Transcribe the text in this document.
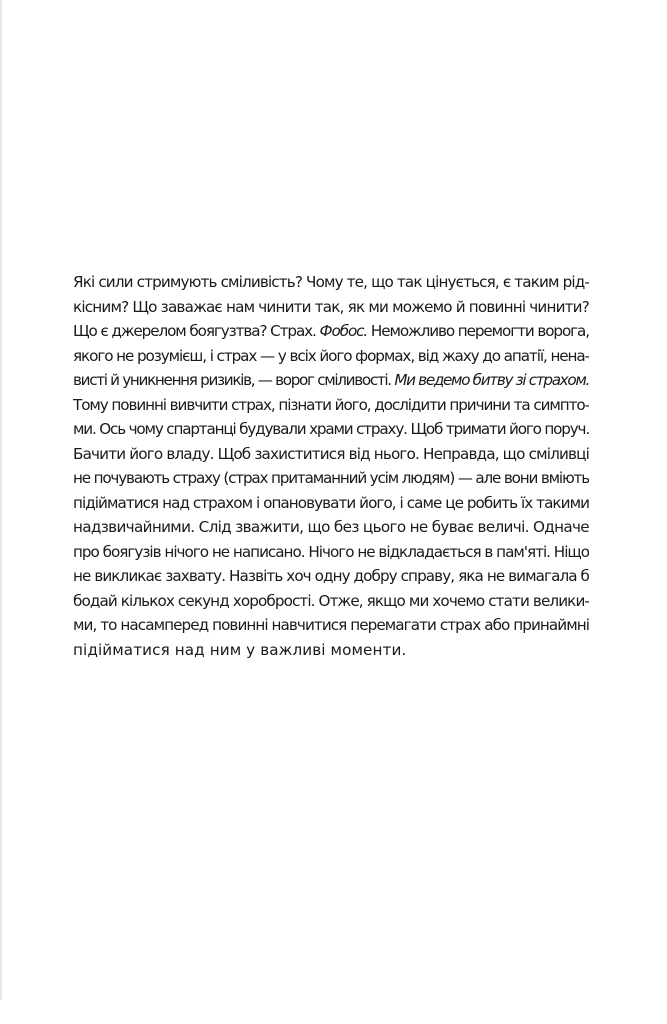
Які сили стримують сміливість? Чому те, що так цінується, є таким рід-
кісним? Що заважає нам чинити так, як ми можемо й повинні чинити?
Що є джерелом боягузтва? Страх. Фобос. Неможливо перемогти ворога,
якого не розумієш, і страх — у всіх його формах, від жаху до апатії, нена-
висті й уникнення ризиків, — ворог сміливості. Ми ведемо битву зі страхом.
Тому повинні вивчити страх, пізнати його, дослідити причини та симпто-
ми. Ось чому спартанці будували храми страху. Щоб тримати його поруч.
Бачити його владу. Щоб захиститися від нього. Неправда, що сміливці
не почувають страху (страх притаманний усім людям) — але вони вміють
підійматися над страхом і опановувати його, і саме це робить їх такими
надзвичайними. Слід зважити, що без цього не буває величі. Одначе
про боягузів нічого не написано. Нічого не відкладається в пам'яті. Ніщо
не викликає захвату. Назвіть хоч одну добру справу, яка не вимагала б
бодай кількох секунд хоробрості. Отже, якщо ми хочемо стати велики-
ми, то насамперед повинні навчитися перемагати страх або принаймні
підійматися над ним у важливі моменти.
